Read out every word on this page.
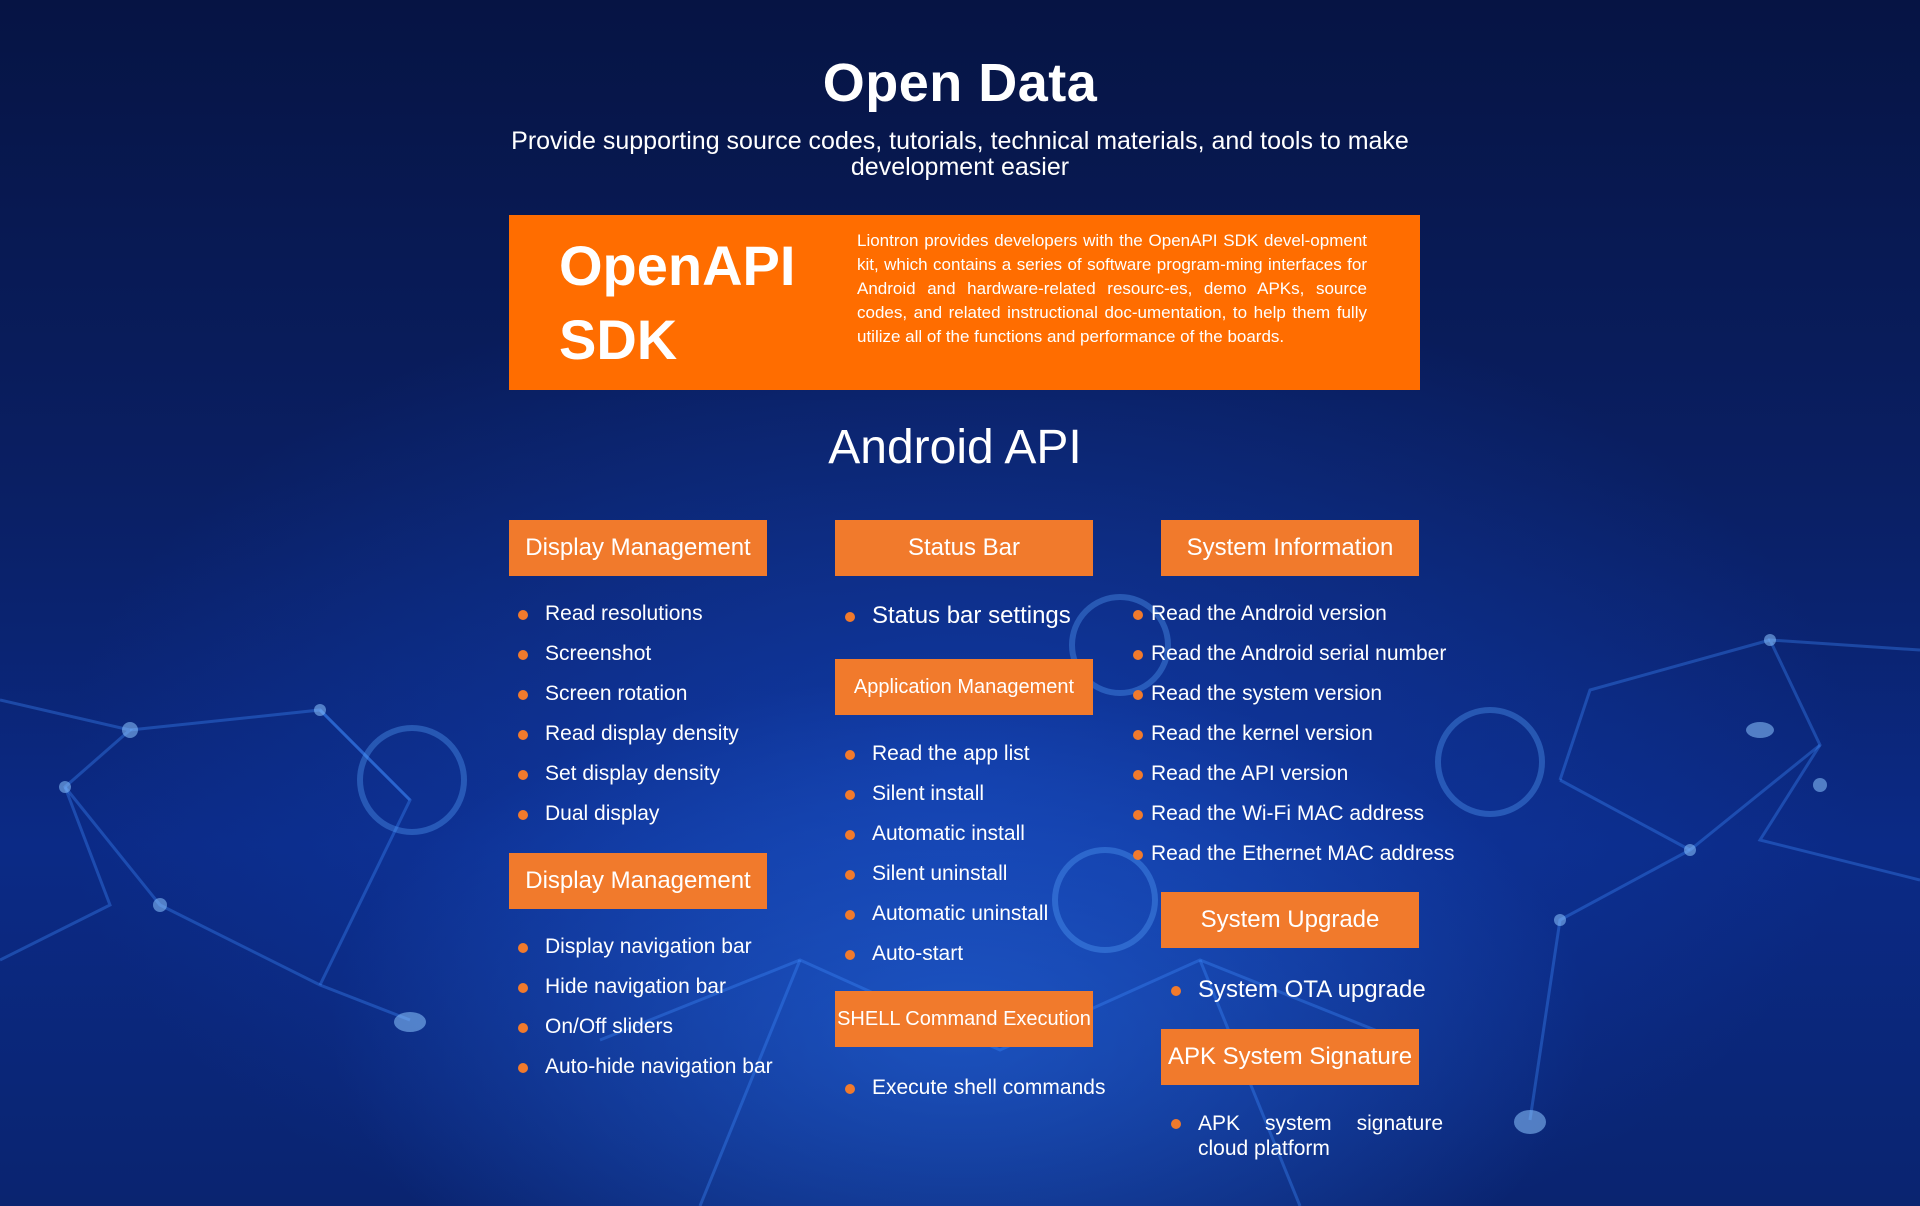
Open Data
Provide supporting source codes, tutorials, technical materials, and tools to make
development easier
OpenAPI
SDK
Liontron provides developers with the OpenAPI SDK devel-opment kit, which contains a series of software program-ming interfaces for Android and hardware-related resourc-es, demo APKs, source codes, and related instructional doc-umentation, to help them fully utilize all of the functions and performance of the boards.
Android API
Display Management
Read resolutions
Screenshot
Screen rotation
Read display density
Set display density
Dual display
Display Management
Display navigation bar
Hide navigation bar
On/Off sliders
Auto-hide navigation bar
Status Bar
Status bar settings
Application Management
Read the app list
Silent install
Automatic install
Silent uninstall
Automatic uninstall
Auto-start
SHELL Command Execution
Execute shell commands
System Information
Read the Android version
Read the Android serial number
Read the system version
Read the kernel version
Read the API version
Read the Wi-Fi MAC address
Read the Ethernet MAC address
System Upgrade
System OTA upgrade
APK System Signature
APK system signature
cloud platform
